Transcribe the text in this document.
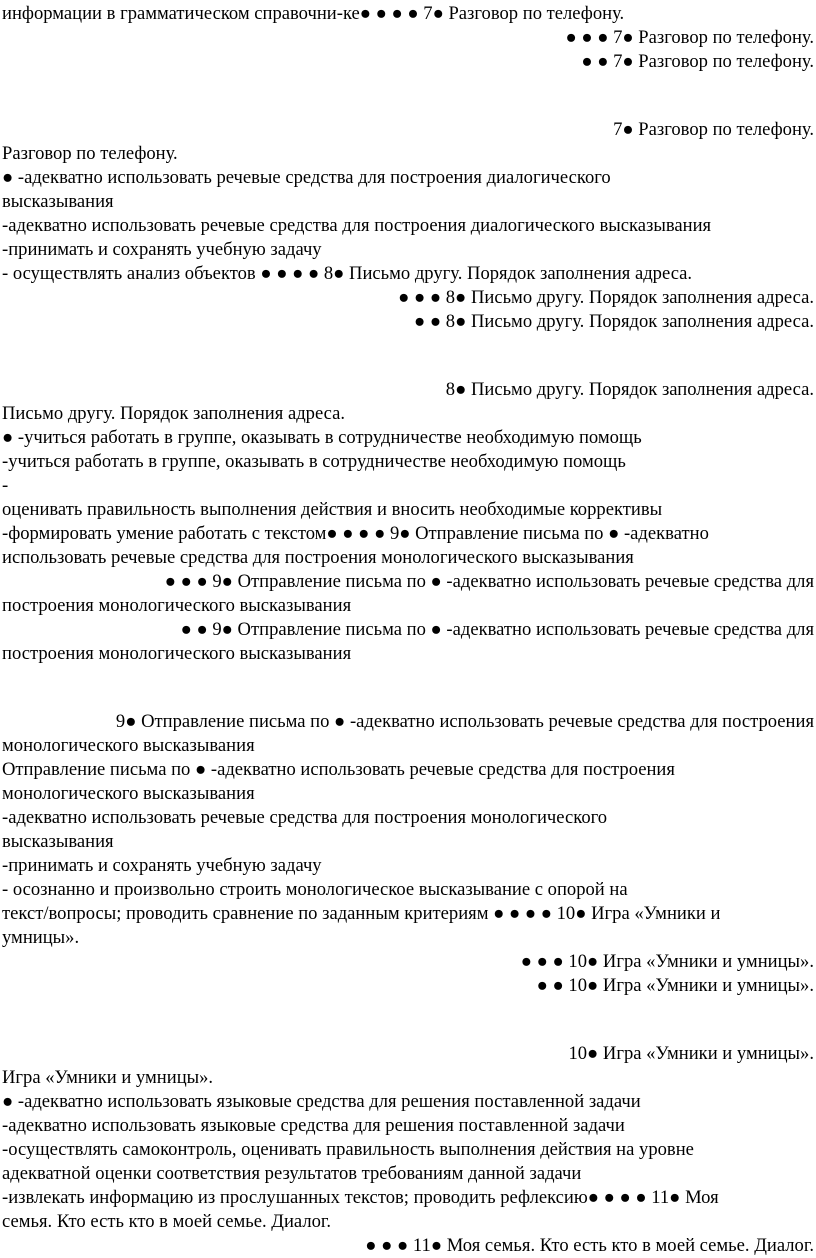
информации в грамматическом справочни-ке● ● ● ● 7● Разговор по телефону.
● ● ● 7● Разговор по телефону.
● ● 7● Разговор по телефону.
7● Разговор по телефону.
Разговор по телефону.
● -адекватно использовать речевые средства для построения диалогического
высказывания
-адекватно использовать речевые средства для построения диалогического высказывания
-принимать и сохранять учебную задачу
- осуществлять анализ объектов ● ● ● ● 8● Письмо другу. Порядок заполнения адреса.
● ● ● 8● Письмо другу. Порядок заполнения адреса.
● ● 8● Письмо другу. Порядок заполнения адреса.
8● Письмо другу. Порядок заполнения адреса.
Письмо другу. Порядок заполнения адреса.
● -учиться работать в группе, оказывать в сотрудничестве необходимую помощь
-учиться работать в группе, оказывать в сотрудничестве необходимую помощь
-
оценивать правильность выполнения действия и вносить необходимые коррективы
-формировать умение работать с текстом● ● ● ● 9● Отправление письма по ● -адекватно
использовать речевые средства для построения монологического высказывания
● ● ● 9● Отправление письма по ● -адекватно использовать речевые средства для
построения монологического высказывания
● ● 9● Отправление письма по ● -адекватно использовать речевые средства для
построения монологического высказывания
9● Отправление письма по ● -адекватно использовать речевые средства для построения
монологического высказывания
Отправление письма по ● -адекватно использовать речевые средства для построения
монологического высказывания
-адекватно использовать речевые средства для построения монологического
высказывания
-принимать и сохранять учебную задачу
- осознанно и произвольно строить монологическое высказывание с опорой на
текст/вопросы; проводить сравнение по заданным критериям ● ● ● ● 10● Игра «Умники и
умницы».
● ● ● 10● Игра «Умники и умницы».
● ● 10● Игра «Умники и умницы».
10● Игра «Умники и умницы».
Игра «Умники и умницы».
● -адекватно использовать языковые средства для решения поставленной задачи
-адекватно использовать языковые средства для решения поставленной задачи
-осуществлять самоконтроль, оценивать правильность выполнения действия на уровне
адекватной оценки соответствия результатов требованиям данной задачи
-извлекать информацию из прослушанных текстов; проводить рефлексию● ● ● ● 11● Моя
семья. Кто есть кто в моей семье. Диалог.
● ● ● 11● Моя семья. Кто есть кто в моей семье. Диалог.
